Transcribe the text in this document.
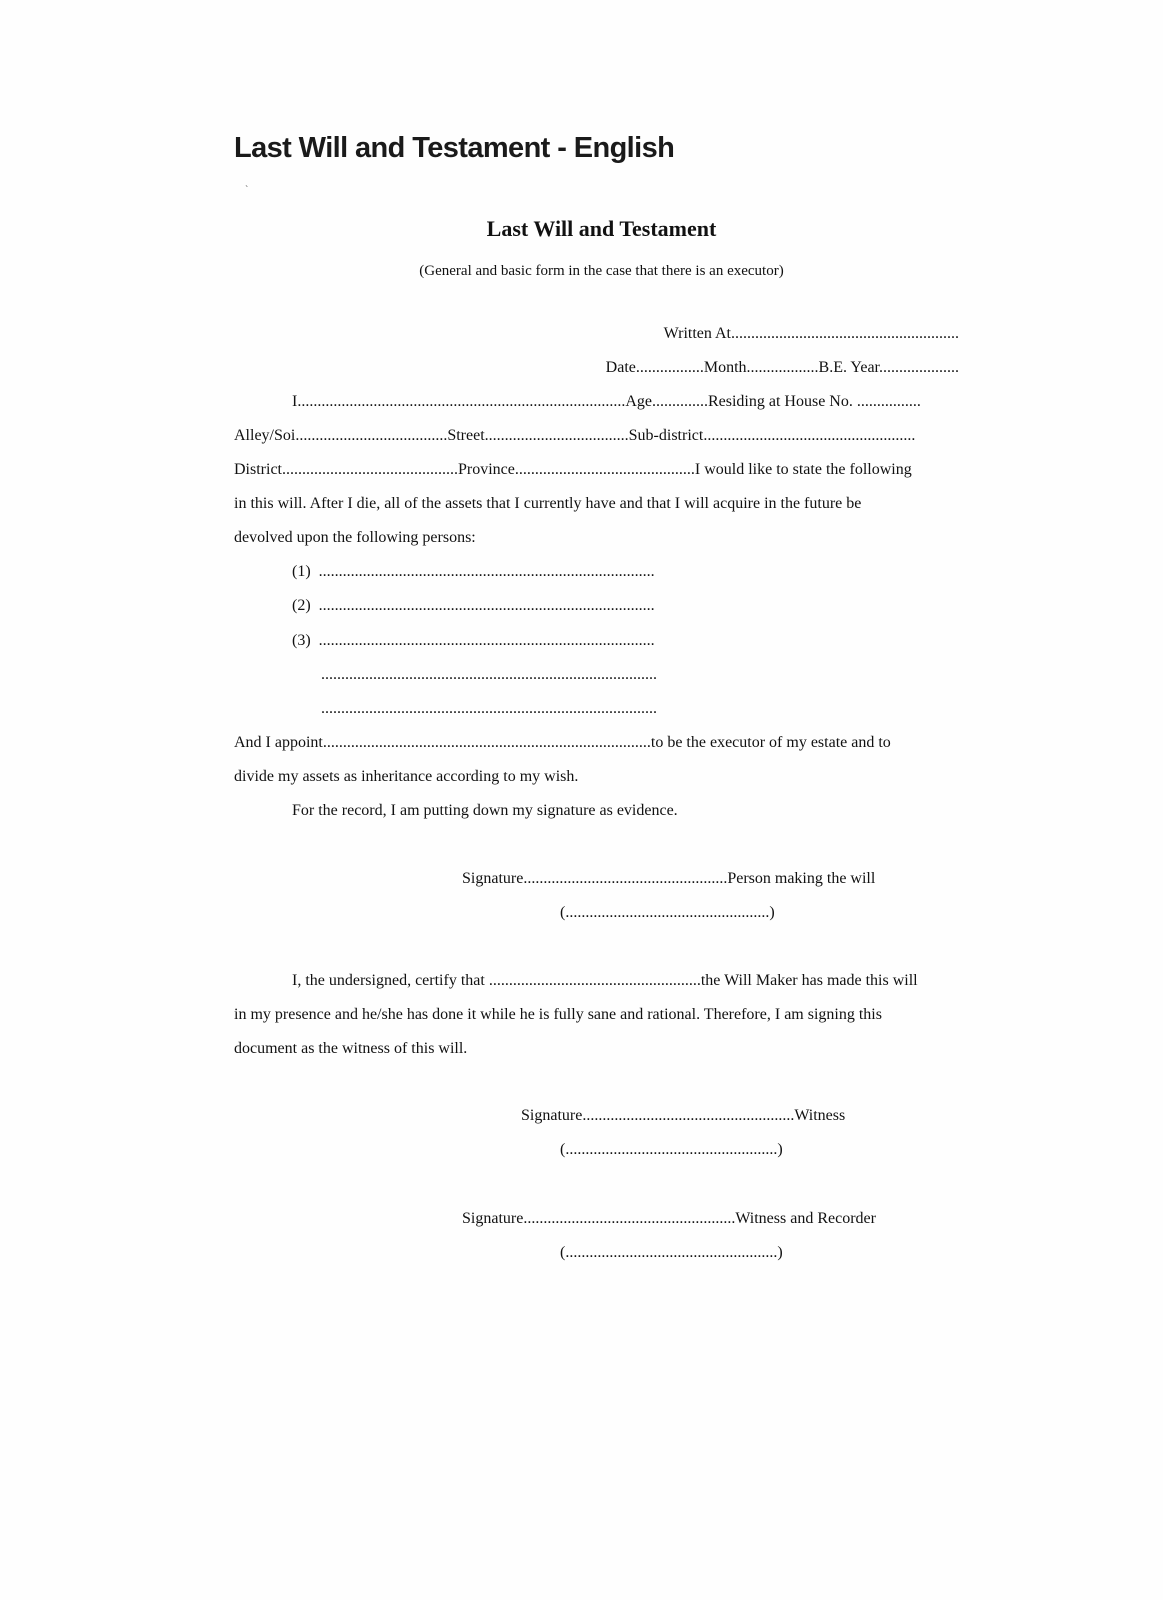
Last Will and Testament - English
`
Last Will and Testament
(General and basic form in the case that there is an executor)
Written At.........................................................
Date.................Month..................B.E. Year....................
I..................................................................................Age..............Residing at House No. ................
Alley/Soi......................................Street....................................Sub-district.....................................................
District............................................Province.............................................I would like to state the following
in this will. After I die, all of the assets that I currently have and that I will acquire in the future be
devolved upon the following persons:
(1)  ....................................................................................
(2)  ....................................................................................
(3)  ....................................................................................
....................................................................................
....................................................................................
And I appoint..................................................................................to be the executor of my estate and to
divide my assets as inheritance according to my wish.
For the record, I am putting down my signature as evidence.
Signature...................................................Person making the will
(...................................................)
I, the undersigned, certify that .....................................................the Will Maker has made this will
in my presence and he/she has done it while he is fully sane and rational. Therefore, I am signing this
document as the witness of this will.
Signature.....................................................Witness
(.....................................................)
Signature.....................................................Witness and Recorder
(.....................................................)
